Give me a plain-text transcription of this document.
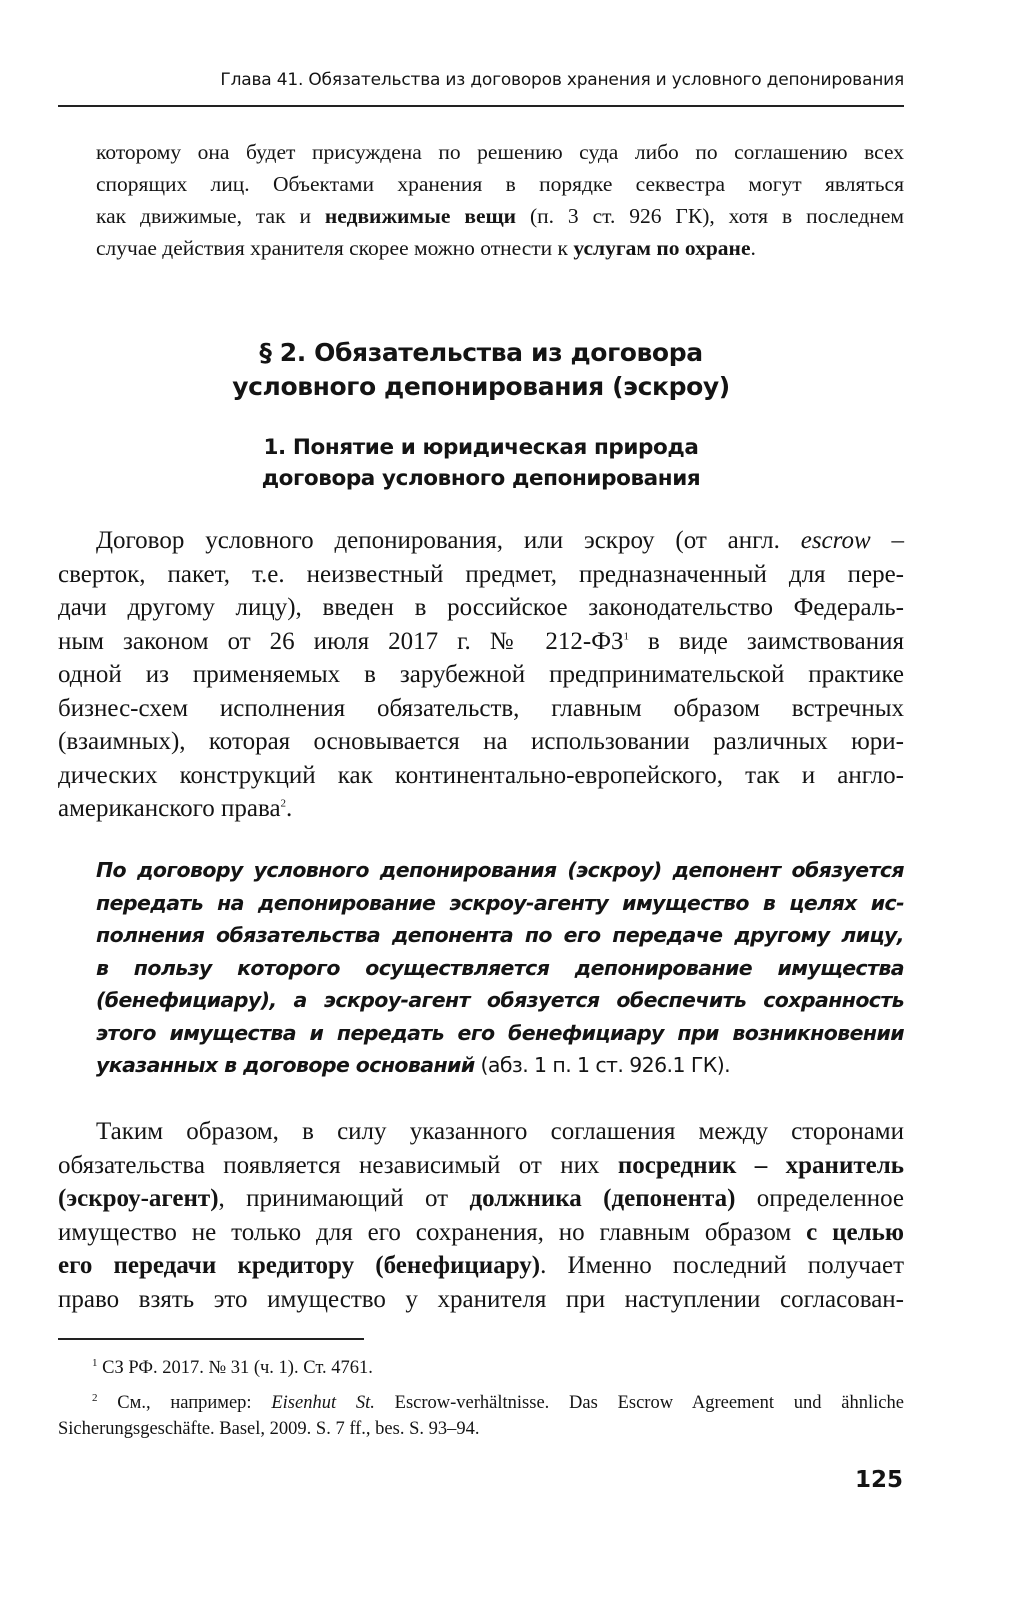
Глава 41. Обязательства из договоров хранения и условного депонирования
которому она будет присуждена по решению суда либо по соглашению всех
спорящих лиц. Объектами хранения в порядке секвестра могут являться
как движимые, так и недвижимые вещи (п. 3 ст. 926 ГК), хотя в последнем
случае действия хранителя скорее можно отнести к услугам по охране.
§ 2. Обязательства из договора
условного депонирования (эскроу)
1. Понятие и юридическая природа
договора условного депонирования
Договор условного депонирования, или эскроу (от англ. escrow –
сверток, пакет, т.е. неизвестный предмет, предназначенный для пере-
дачи другому лицу), введен в российское законодательство Федераль-
ным законом от 26 июля 2017 г. № $212-ФЗ^1$ в виде заимствования
одной из применяемых в зарубежной предпринимательской практике
бизнес-схем исполнения обязательств, главным образом встречных
(взаимных), которая основывается на использовании различных юри-
дических конструкций как континентально-европейского, так и англо-
американского права$^2$.
По договору условного депонирования (эскроу) депонент обязуется
передать на депонирование эскроу-агенту имущество в целях ис-
полнения обязательства депонента по его передаче другому лицу,
в пользу которого осуществляется депонирование имущества
(бенефициару), а эскроу-агент обязуется обеспечить сохранность
этого имущества и передать его бенефициару при возникновении
указанных в договоре оснований (абз. 1 п. 1 ст. 926.1 ГК).
Таким образом, в силу указанного соглашения между сторонами
обязательства появляется независимый от них посредник – хранитель
(эскроу-агент), принимающий от должника (депонента) определенное
имущество не только для его сохранения, но главным образом с целью
его передачи кредитору (бенефициару). Именно последний получает
право взять это имущество у хранителя при наступлении согласован-
$^1$ СЗ РФ. 2017. № 31 (ч. 1). Ст. 4761.
$^2$ См., например: Eisenhut St. Escrow-verhältnisse. Das Escrow Agreement und ähnliche
Sicherungsgeschäfte. Basel, 2009. S. 7 ff., bes. S. 93–94.
125
